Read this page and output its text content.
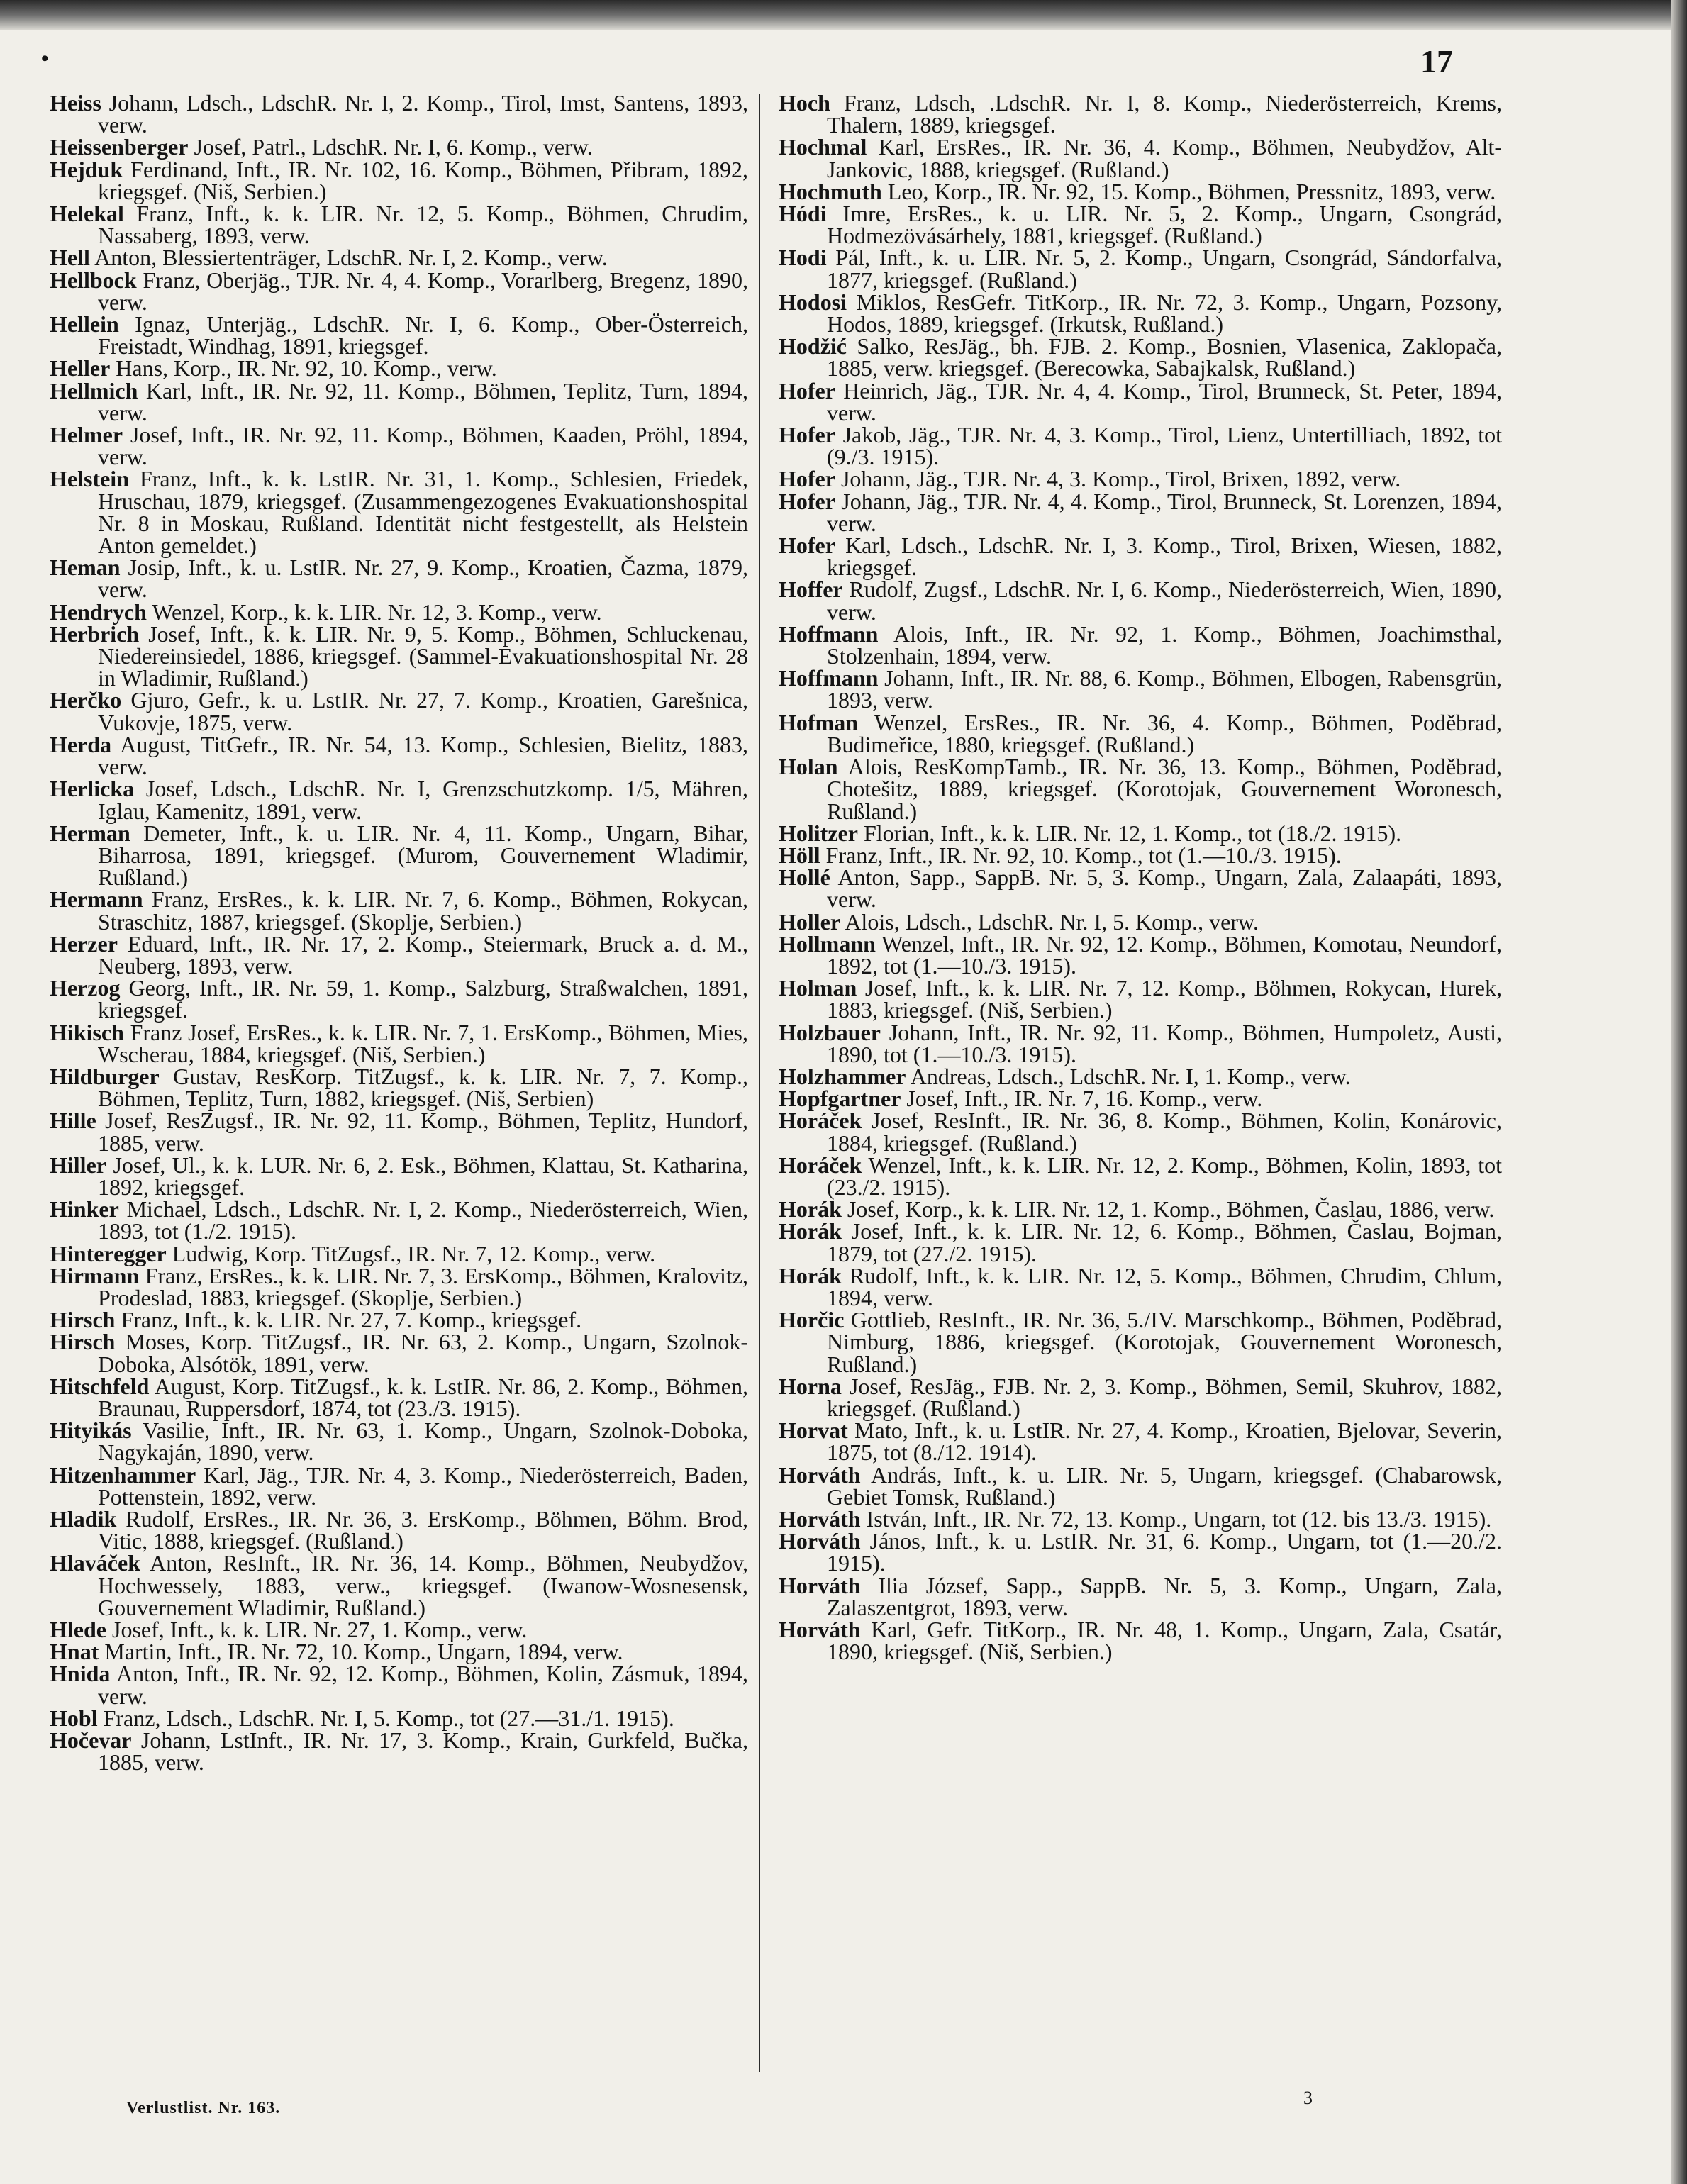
•	17
Heiss Johann, Ldsch., LdschR. Nr. I, 2. Komp., Tirol, Imst, Santens, 1893, verw.
Heissenberger Josef, Patrl., LdschR. Nr. I, 6. Komp., verw.
Hejduk Ferdinand, Inft., IR. Nr. 102, 16. Komp., Böhmen, Přibram, 1892, kriegsgef. (Niš, Serbien.)
Helekal Franz, Inft., k. k. LIR. Nr. 12, 5. Komp., Böhmen, Chrudim, Nassaberg, 1893, verw.
Hell Anton, Blessiertenträger, LdschR. Nr. I, 2. Komp., verw.
Hellbock Franz, Oberjäg., TJR. Nr. 4, 4. Komp., Vorarlberg, Bregenz, 1890, verw.
Hellein Ignaz, Unterjäg., LdschR. Nr. I, 6. Komp., Ober-Österreich, Freistadt, Windhag, 1891, kriegsgef.
Heller Hans, Korp., IR. Nr. 92, 10. Komp., verw.
Hellmich Karl, Inft., IR. Nr. 92, 11. Komp., Böhmen, Teplitz, Turn, 1894, verw.
Helmer Josef, Inft., IR. Nr. 92, 11. Komp., Böhmen, Kaaden, Pröhl, 1894, verw.
Helstein Franz, Inft., k. k. LstIR. Nr. 31, 1. Komp., Schlesien, Friedek, Hruschau, 1879, kriegsgef. (Zusammengezogenes Evakuationshospital Nr. 8 in Moskau, Rußland. Identität nicht festgestellt, als Helstein Anton gemeldet.)
Heman Josip, Inft., k. u. LstIR. Nr. 27, 9. Komp., Kroatien, Čazma, 1879, verw.
Hendrych Wenzel, Korp., k. k. LIR. Nr. 12, 3. Komp., verw.
Herbrich Josef, Inft., k. k. LIR. Nr. 9, 5. Komp., Böhmen, Schluckenau, Niedereinsiedel, 1886, kriegsgef. (Sammel-Evakuationshospital Nr. 28 in Wladimir, Rußland.)
Herčko Gjuro, Gefr., k. u. LstIR. Nr. 27, 7. Komp., Kroatien, Garešnica, Vukovje, 1875, verw.
Herda August, TitGefr., IR. Nr. 54, 13. Komp., Schlesien, Bielitz, 1883, verw.
Herlicka Josef, Ldsch., LdschR. Nr. I, Grenzschutzkomp. 1/5, Mähren, Iglau, Kamenitz, 1891, verw.
Herman Demeter, Inft., k. u. LIR. Nr. 4, 11. Komp., Ungarn, Bihar, Biharrosa, 1891, kriegsgef. (Murom, Gouvernement Wladimir, Rußland.)
Hermann Franz, ErsRes., k. k. LIR. Nr. 7, 6. Komp., Böhmen, Rokycan, Straschitz, 1887, kriegsgef. (Skoplje, Serbien.)
Herzer Eduard, Inft., IR. Nr. 17, 2. Komp., Steiermark, Bruck a. d. M., Neuberg, 1893, verw.
Herzog Georg, Inft., IR. Nr. 59, 1. Komp., Salzburg, Straßwalchen, 1891, kriegsgef.
Hikisch Franz Josef, ErsRes., k. k. LIR. Nr. 7, 1. ErsKomp., Böhmen, Mies, Wscherau, 1884, kriegsgef. (Niš, Serbien.)
Hildburger Gustav, ResKorp. TitZugsf., k. k. LIR. Nr. 7, 7. Komp., Böhmen, Teplitz, Turn, 1882, kriegsgef. (Niš, Serbien)
Hille Josef, ResZugsf., IR. Nr. 92, 11. Komp., Böhmen, Teplitz, Hundorf, 1885, verw.
Hiller Josef, Ul., k. k. LUR. Nr. 6, 2. Esk., Böhmen, Klattau, St. Katharina, 1892, kriegsgef.
Hinker Michael, Ldsch., LdschR. Nr. I, 2. Komp., Niederösterreich, Wien, 1893, tot (1./2. 1915).
Hinteregger Ludwig, Korp. TitZugsf., IR. Nr. 7, 12. Komp., verw.
Hirmann Franz, ErsRes., k. k. LIR. Nr. 7, 3. ErsKomp., Böhmen, Kralovitz, Prodeslad, 1883, kriegsgef. (Skoplje, Serbien.)
Hirsch Franz, Inft., k. k. LIR. Nr. 27, 7. Komp., kriegsgef.
Hirsch Moses, Korp. TitZugsf., IR. Nr. 63, 2. Komp., Ungarn, Szolnok-Doboka, Alsótök, 1891, verw.
Hitschfeld August, Korp. TitZugsf., k. k. LstIR. Nr. 86, 2. Komp., Böhmen, Braunau, Ruppersdorf, 1874, tot (23./3. 1915).
Hityikás Vasilie, Inft., IR. Nr. 63, 1. Komp., Ungarn, Szolnok-Doboka, Nagykaján, 1890, verw.
Hitzenhammer Karl, Jäg., TJR. Nr. 4, 3. Komp., Niederösterreich, Baden, Pottenstein, 1892, verw.
Hladik Rudolf, ErsRes., IR. Nr. 36, 3. ErsKomp., Böhmen, Böhm. Brod, Vitic, 1888, kriegsgef. (Rußland.)
Hlaváček Anton, ResInft., IR. Nr. 36, 14. Komp., Böhmen, Neubydžov, Hochwessely, 1883, verw., kriegsgef. (Iwanow-Wosnesensk, Gouvernement Wladimir, Rußland.)
Hlede Josef, Inft., k. k. LIR. Nr. 27, 1. Komp., verw.
Hnat Martin, Inft., IR. Nr. 72, 10. Komp., Ungarn, 1894, verw.
Hnida Anton, Inft., IR. Nr. 92, 12. Komp., Böhmen, Kolin, Zásmuk, 1894, verw.
Hobl Franz, Ldsch., LdschR. Nr. I, 5. Komp., tot (27.—31./1. 1915).
Hočevar Johann, LstInft., IR. Nr. 17, 3. Komp., Krain, Gurkfeld, Bučka, 1885, verw.
Hoch Franz, Ldsch, .LdschR. Nr. I, 8. Komp., Niederösterreich, Krems, Thalern, 1889, kriegsgef.
Hochmal Karl, ErsRes., IR. Nr. 36, 4. Komp., Böhmen, Neubydžov, Alt-Jankovic, 1888, kriegsgef. (Rußland.)
Hochmuth Leo, Korp., IR. Nr. 92, 15. Komp., Böhmen, Pressnitz, 1893, verw.
Hódi Imre, ErsRes., k. u. LIR. Nr. 5, 2. Komp., Ungarn, Csongrád, Hodmezövásárhely, 1881, kriegsgef. (Rußland.)
Hodi Pál, Inft., k. u. LIR. Nr. 5, 2. Komp., Ungarn, Csongrád, Sándorfalva, 1877, kriegsgef. (Rußland.)
Hodosi Miklos, ResGefr. TitKorp., IR. Nr. 72, 3. Komp., Ungarn, Pozsony, Hodos, 1889, kriegsgef. (Irkutsk, Rußland.)
Hodžić Salko, ResJäg., bh. FJB. 2. Komp., Bosnien, Vlasenica, Zaklopača, 1885, verw. kriegsgef. (Berecowka, Sabajkalsk, Rußland.)
Hofer Heinrich, Jäg., TJR. Nr. 4, 4. Komp., Tirol, Brunneck, St. Peter, 1894, verw.
Hofer Jakob, Jäg., TJR. Nr. 4, 3. Komp., Tirol, Lienz, Untertilliach, 1892, tot (9./3. 1915).
Hofer Johann, Jäg., TJR. Nr. 4, 3. Komp., Tirol, Brixen, 1892, verw.
Hofer Johann, Jäg., TJR. Nr. 4, 4. Komp., Tirol, Brunneck, St. Lorenzen, 1894, verw.
Hofer Karl, Ldsch., LdschR. Nr. I, 3. Komp., Tirol, Brixen, Wiesen, 1882, kriegsgef.
Hoffer Rudolf, Zugsf., LdschR. Nr. I, 6. Komp., Niederösterreich, Wien, 1890, verw.
Hoffmann Alois, Inft., IR. Nr. 92, 1. Komp., Böhmen, Joachimsthal, Stolzenhain, 1894, verw.
Hoffmann Johann, Inft., IR. Nr. 88, 6. Komp., Böhmen, Elbogen, Rabensgrün, 1893, verw.
Hofman Wenzel, ErsRes., IR. Nr. 36, 4. Komp., Böhmen, Poděbrad, Budimeřice, 1880, kriegsgef. (Rußland.)
Holan Alois, ResKompTamb., IR. Nr. 36, 13. Komp., Böhmen, Poděbrad, Chotešitz, 1889, kriegsgef. (Korotojak, Gouvernement Woronesch, Rußland.)
Holitzer Florian, Inft., k. k. LIR. Nr. 12, 1. Komp., tot (18./2. 1915).
Höll Franz, Inft., IR. Nr. 92, 10. Komp., tot (1.—10./3. 1915).
Hollé Anton, Sapp., SappB. Nr. 5, 3. Komp., Ungarn, Zala, Zalaapáti, 1893, verw.
Holler Alois, Ldsch., LdschR. Nr. I, 5. Komp., verw.
Hollmann Wenzel, Inft., IR. Nr. 92, 12. Komp., Böhmen, Komotau, Neundorf, 1892, tot (1.—10./3. 1915).
Holman Josef, Inft., k. k. LIR. Nr. 7, 12. Komp., Böhmen, Rokycan, Hurek, 1883, kriegsgef. (Niš, Serbien.)
Holzbauer Johann, Inft., IR. Nr. 92, 11. Komp., Böhmen, Humpoletz, Austi, 1890, tot (1.—10./3. 1915).
Holzhammer Andreas, Ldsch., LdschR. Nr. I, 1. Komp., verw.
Hopfgartner Josef, Inft., IR. Nr. 7, 16. Komp., verw.
Horáček Josef, ResInft., IR. Nr. 36, 8. Komp., Böhmen, Kolin, Konárovic, 1884, kriegsgef. (Rußland.)
Horáček Wenzel, Inft., k. k. LIR. Nr. 12, 2. Komp., Böhmen, Kolin, 1893, tot (23./2. 1915).
Horák Josef, Korp., k. k. LIR. Nr. 12, 1. Komp., Böhmen, Časlau, 1886, verw.
Horák Josef, Inft., k. k. LIR. Nr. 12, 6. Komp., Böhmen, Časlau, Bojman, 1879, tot (27./2. 1915).
Horák Rudolf, Inft., k. k. LIR. Nr. 12, 5. Komp., Böhmen, Chrudim, Chlum, 1894, verw.
Horčic Gottlieb, ResInft., IR. Nr. 36, 5./IV. Marschkomp., Böhmen, Poděbrad, Nimburg, 1886, kriegsgef. (Korotojak, Gouvernement Woronesch, Rußland.)
Horna Josef, ResJäg., FJB. Nr. 2, 3. Komp., Böhmen, Semil, Skuhrov, 1882, kriegsgef. (Rußland.)
Horvat Mato, Inft., k. u. LstIR. Nr. 27, 4. Komp., Kroatien, Bjelovar, Severin, 1875, tot (8./12. 1914).
Horváth András, Inft., k. u. LIR. Nr. 5, Ungarn, kriegsgef. (Chabarowsk, Gebiet Tomsk, Rußland.)
Horváth István, Inft., IR. Nr. 72, 13. Komp., Ungarn, tot (12. bis 13./3. 1915).
Horváth János, Inft., k. u. LstIR. Nr. 31, 6. Komp., Ungarn, tot (1.—20./2. 1915).
Horváth Ilia József, Sapp., SappB. Nr. 5, 3. Komp., Ungarn, Zala, Zalaszentgrot, 1893, verw.
Horváth Karl, Gefr. TitKorp., IR. Nr. 48, 1. Komp., Ungarn, Zala, Csatár, 1890, kriegsgef. (Niš, Serbien.)
3
Verlustlist. Nr. 163.
